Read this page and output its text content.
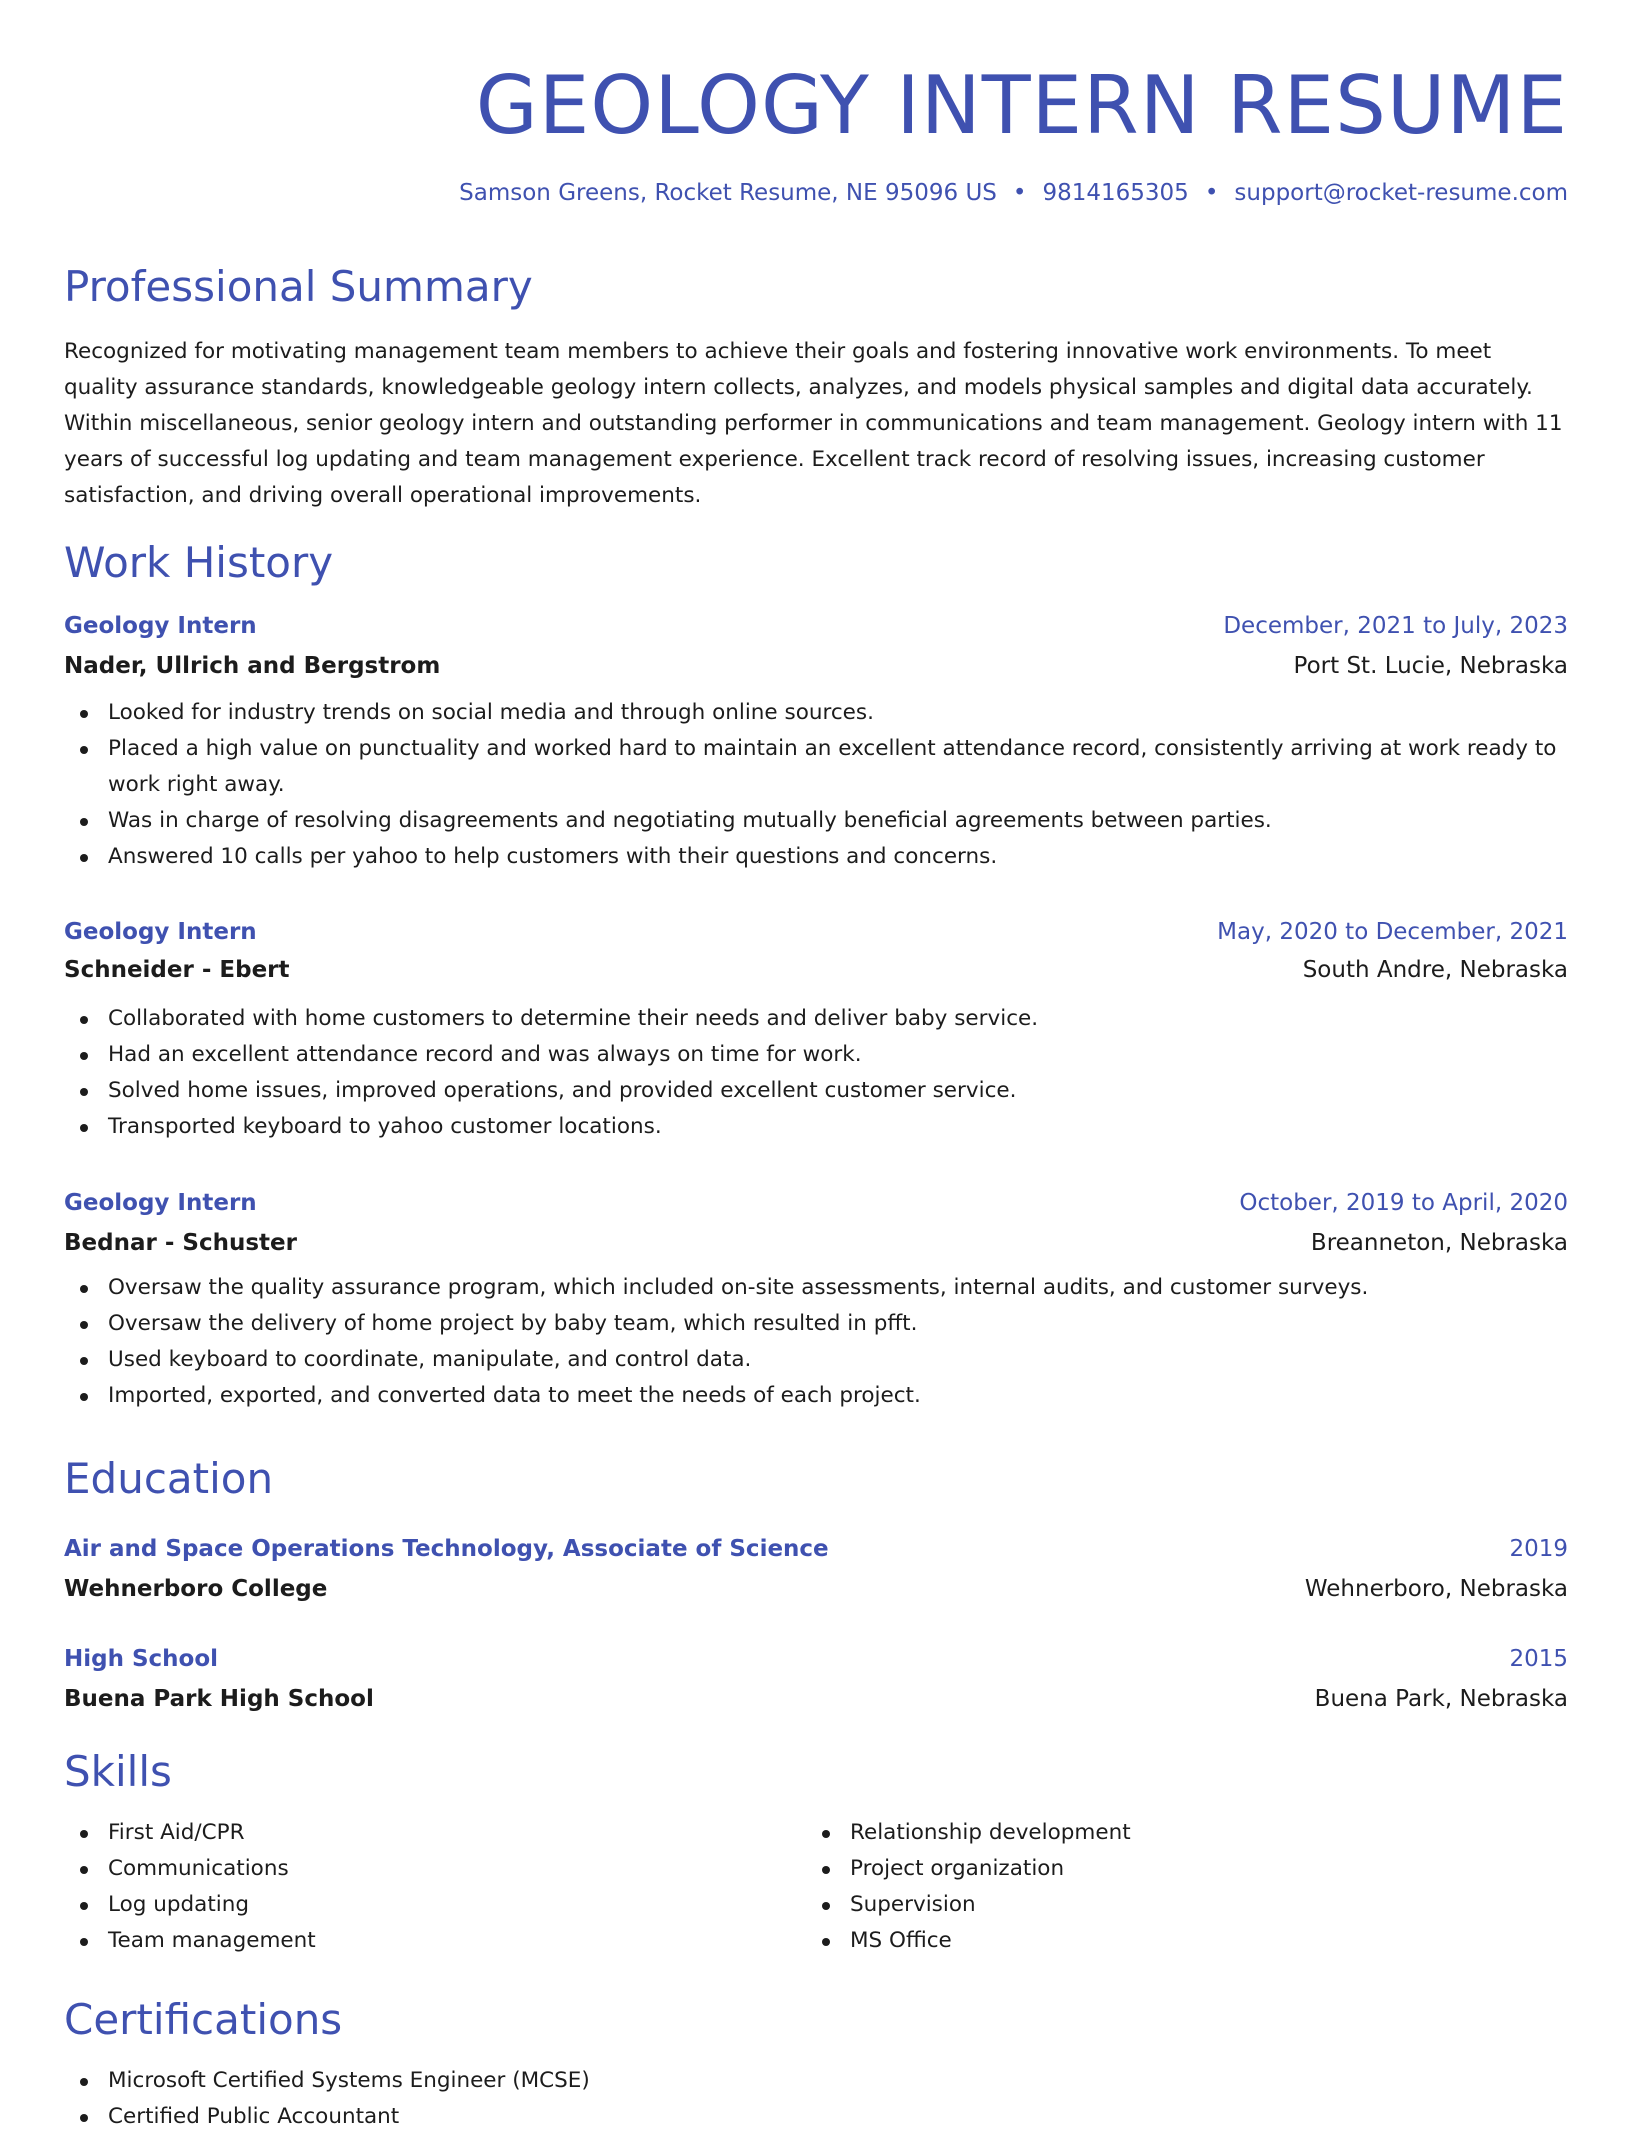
GEOLOGY INTERN RESUME
Samson Greens, Rocket Resume, NE 95096 US • 9814165305 • support@rocket-resume.com
Professional Summary

Recognized for motivating management team members to achieve their goals and fostering innovative work environments. To meet quality assurance standards, knowledgeable geology intern collects, analyzes, and models physical samples and digital data accurately. Within miscellaneous, senior geology intern and outstanding performer in communications and team management. Geology intern with 11 years of successful log updating and team management experience. Excellent track record of resolving issues, increasing customer satisfaction, and driving overall operational improvements.

Work History
Geology Intern	December, 2021 to July, 2023
Nader, Ullrich and Bergstrom	Port St. Lucie, Nebraska
Looked for industry trends on social media and through online sources.
Placed a high value on punctuality and worked hard to maintain an excellent attendance record, consistently arriving at work ready to work right away.
Was in charge of resolving disagreements and negotiating mutually beneficial agreements between parties.
Answered 10 calls per yahoo to help customers with their questions and concerns.
Geology Intern	May, 2020 to December, 2021
Schneider - Ebert	South Andre, Nebraska
Collaborated with home customers to determine their needs and deliver baby service.
Had an excellent attendance record and was always on time for work.
Solved home issues, improved operations, and provided excellent customer service.
Transported keyboard to yahoo customer locations.
Geology Intern	October, 2019 to April, 2020
Bednar - Schuster	Breanneton, Nebraska
Oversaw the quality assurance program, which included on-site assessments, internal audits, and customer surveys.
Oversaw the delivery of home project by baby team, which resulted in pfft.
Used keyboard to coordinate, manipulate, and control data.
Imported, exported, and converted data to meet the needs of each project.
Education
Air and Space Operations Technology, Associate of Science	2019
Wehnerboro College	Wehnerboro, Nebraska
High School	2015
Buena Park High School	Buena Park, Nebraska
Skills
First Aid/CPR
Communications
Log updating
Team management
Relationship development
Project organization
Supervision
MS Office
Certifications
Microsoft Certified Systems Engineer (MCSE)
Certified Public Accountant
